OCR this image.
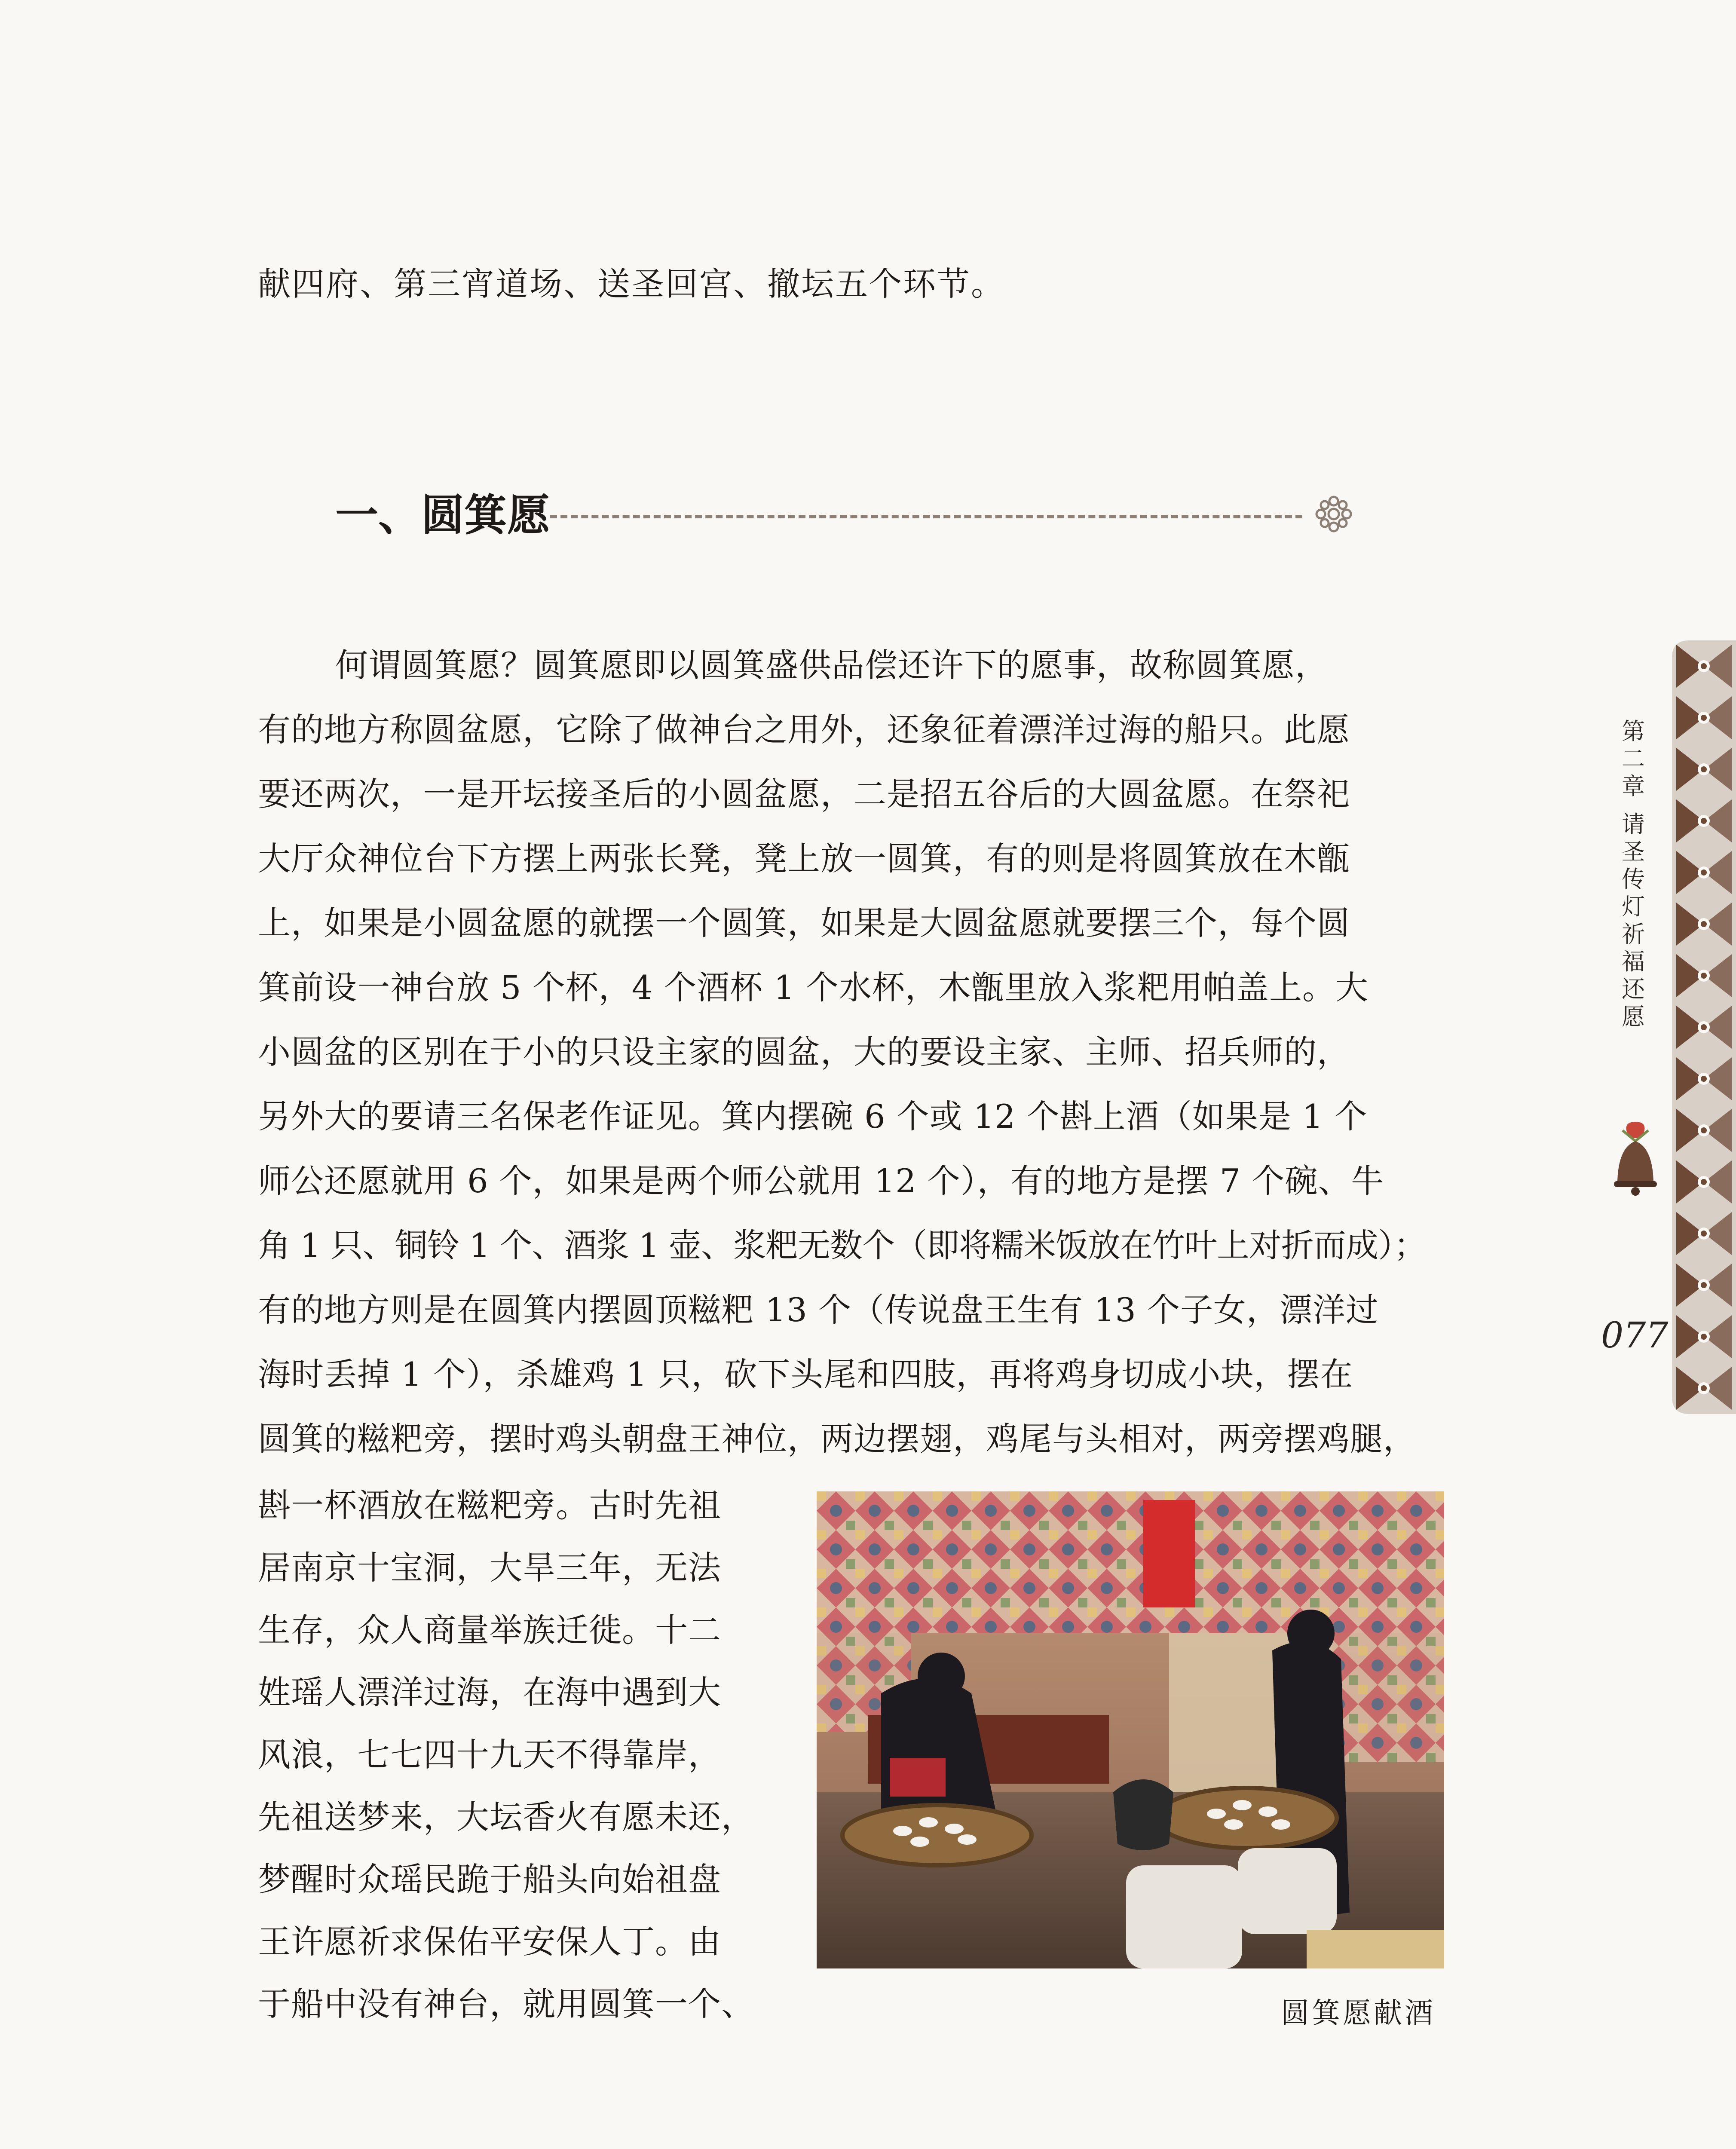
献四府、第三宵道场、送圣回宫、撤坛五个环节。
一、圆箕愿
何谓圆箕愿？圆箕愿即以圆箕盛供品偿还许下的愿事，故称圆箕愿，
有的地方称圆盆愿，它除了做神台之用外，还象征着漂洋过海的船只。此愿
要还两次，一是开坛接圣后的小圆盆愿，二是招五谷后的大圆盆愿。在祭祀
大厅众神位台下方摆上两张长凳，凳上放一圆箕，有的则是将圆箕放在木甑
上，如果是小圆盆愿的就摆一个圆箕，如果是大圆盆愿就要摆三个，每个圆
箕前设一神台放 5 个杯，4 个酒杯 1 个水杯，木甑里放入浆粑用帕盖上。大
小圆盆的区别在于小的只设主家的圆盆，大的要设主家、主师、招兵师的，
另外大的要请三名保老作证见。箕内摆碗 6 个或 12 个斟上酒（如果是 1 个
师公还愿就用 6 个，如果是两个师公就用 12 个），有的地方是摆 7 个碗、牛
角 1 只、铜铃 1 个、酒浆 1 壶、浆粑无数个（即将糯米饭放在竹叶上对折而成）；
有的地方则是在圆箕内摆圆顶糍粑 13 个（传说盘王生有 13 个子女，漂洋过
海时丢掉 1 个），杀雄鸡 1 只，砍下头尾和四肢，再将鸡身切成小块，摆在
圆箕的糍粑旁，摆时鸡头朝盘王神位，两边摆翅，鸡尾与头相对，两旁摆鸡腿，
斟一杯酒放在糍粑旁。古时先祖
居南京十宝洞，大旱三年，无法
生存，众人商量举族迁徙。十二
姓瑶人漂洋过海，在海中遇到大
风浪，七七四十九天不得靠岸，
先祖送梦来，大坛香火有愿未还，
梦醒时众瑶民跪于船头向始祖盘
王许愿祈求保佑平安保人丁。由
于船中没有神台，就用圆箕一个、	圆箕愿献酒
第
二
章
请
圣
传
灯
祈
福
还
愿
077
